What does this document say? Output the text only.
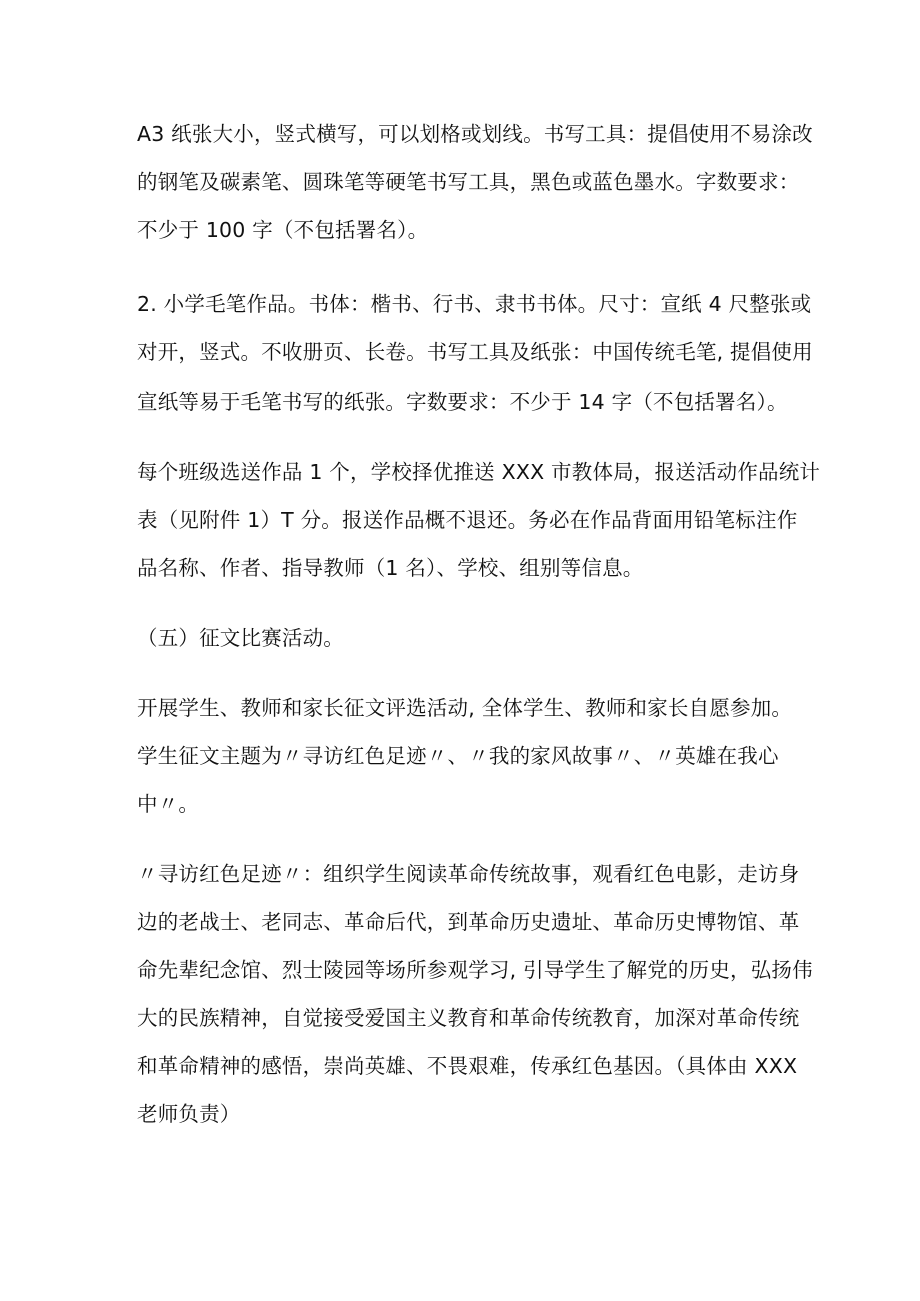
A3 纸张大小，竖式横写，可以划格或划线。书写工具：提倡使用不易涂改
的钢笔及碳素笔、圆珠笔等硬笔书写工具，黑色或蓝色墨水。字数要求：
不少于 100 字（不包括署名）。
2. 小学毛笔作品。书体：楷书、行书、隶书书体。尺寸：宣纸 4 尺整张或
对开，竖式。不收册页、长卷。书写工具及纸张：中国传统毛笔, 提倡使用
宣纸等易于毛笔书写的纸张。字数要求：不少于 14 字（不包括署名）。
每个班级选送作品 1 个，学校择优推送 XXX 市教体局，报送活动作品统计
表（见附件 1）T 分。报送作品概不退还。务必在作品背面用铅笔标注作
品名称、作者、指导教师（1 名）、学校、组别等信息。
（五）征文比赛活动。
开展学生、教师和家长征文评选活动, 全体学生、教师和家长自愿参加。
学生征文主题为〃寻访红色足迹〃、〃我的家风故事〃、〃英雄在我心
中〃。
〃寻访红色足迹〃：组织学生阅读革命传统故事，观看红色电影，走访身
边的老战士、老同志、革命后代，到革命历史遗址、革命历史博物馆、革
命先辈纪念馆、烈士陵园等场所参观学习, 引导学生了解党的历史，弘扬伟
大的民族精神，自觉接受爱国主义教育和革命传统教育，加深对革命传统
和革命精神的感悟，崇尚英雄、不畏艰难，传承红色基因。（具体由 XXX
老师负责）
